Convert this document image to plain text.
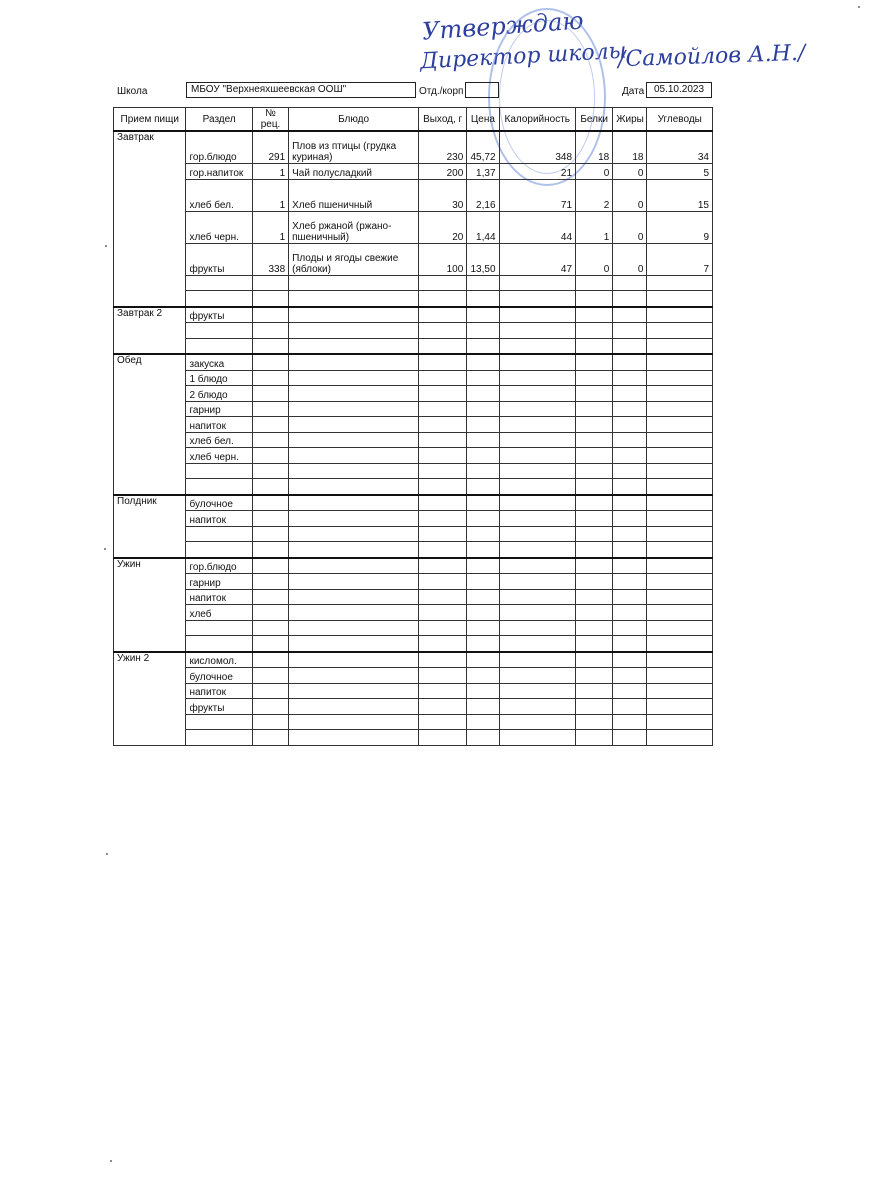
Утверждаю
Директор школы
/Самойлов А.Н./
Школа	МБОУ "Верхнеяхшеевская ООШ"	Отд./корп	Дата 05.10.2023
Прием пищи	Раздел	№ рец.	Блюдо	Выход, г	Цена	Калорийность	Белки	Жиры	Углеводы
Завтрак	гор.блюдо	291	Плов из птицы (грудка куриная)	230	45,72	348	18	18	34
	гор.напиток	1	Чай полусладкий	200	1,37	21	0	0	5
	хлеб бел.	1	Хлеб пшеничный	30	2,16	71	2	0	15
	хлеб черн.	1	Хлеб ржаной (ржано-пшеничный)	20	1,44	44	1	0	9
	фрукты	338	Плоды и ягоды свежие (яблоки)	100	13,50	47	0	0	7

Завтрак 2	фрукты								

Обед	закуска								
	1 блюдо								
	2 блюдо								
	гарнир								
	напиток								
	хлеб бел.								
	хлеб черн.								

Полдник	булочное								
	напиток								

Ужин	гор.блюдо								
	гарнир								
	напиток								
	хлеб								

Ужин 2	кисломол.								
	булочное								
	напиток								
	фрукты								
